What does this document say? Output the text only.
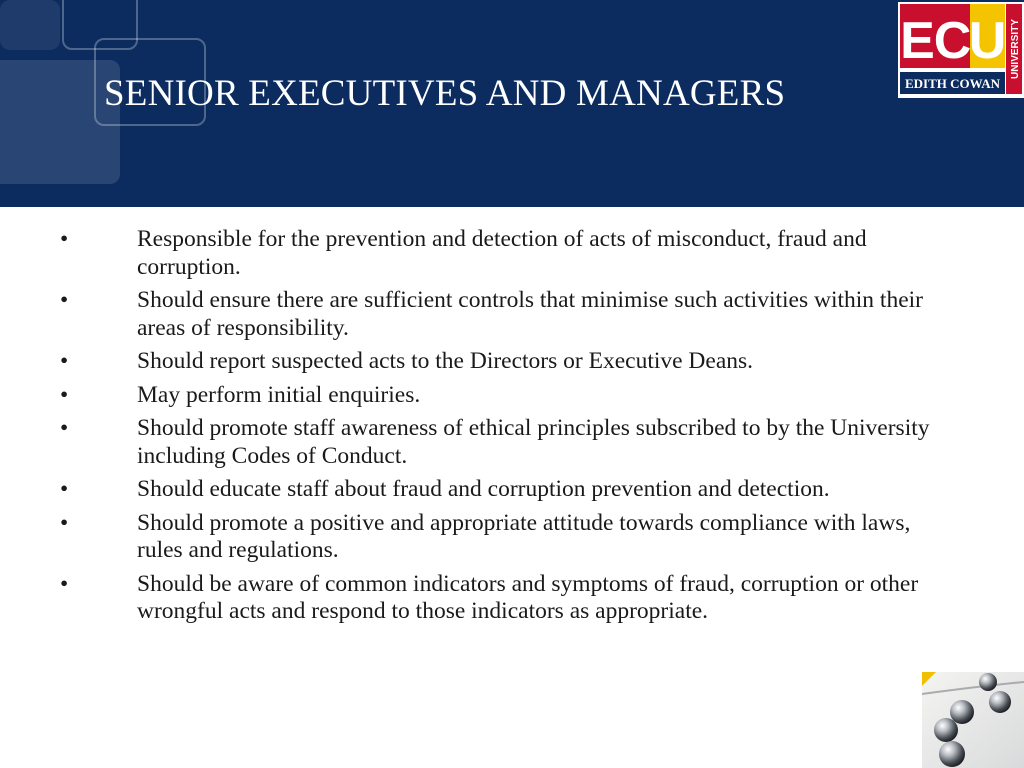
SENIOR EXECUTIVES AND MANAGERS
E
C
U
EDITH COWAN
UNIVERSITY
•	Responsible for the prevention and detection of acts of misconduct, fraud and corruption.
•	Should ensure there are sufficient controls that minimise such activities within their areas of responsibility.
•	Should report suspected acts to the Directors or Executive Deans.
•	May perform initial enquiries.
•	Should promote staff awareness of ethical principles subscribed to by the University including Codes of Conduct.
•	Should educate staff about fraud and corruption prevention and detection.
•	Should promote a positive and appropriate attitude towards compliance with laws, rules and regulations.
•	Should be aware of common indicators and symptoms of fraud, corruption or other wrongful acts and respond to those indicators as appropriate.
